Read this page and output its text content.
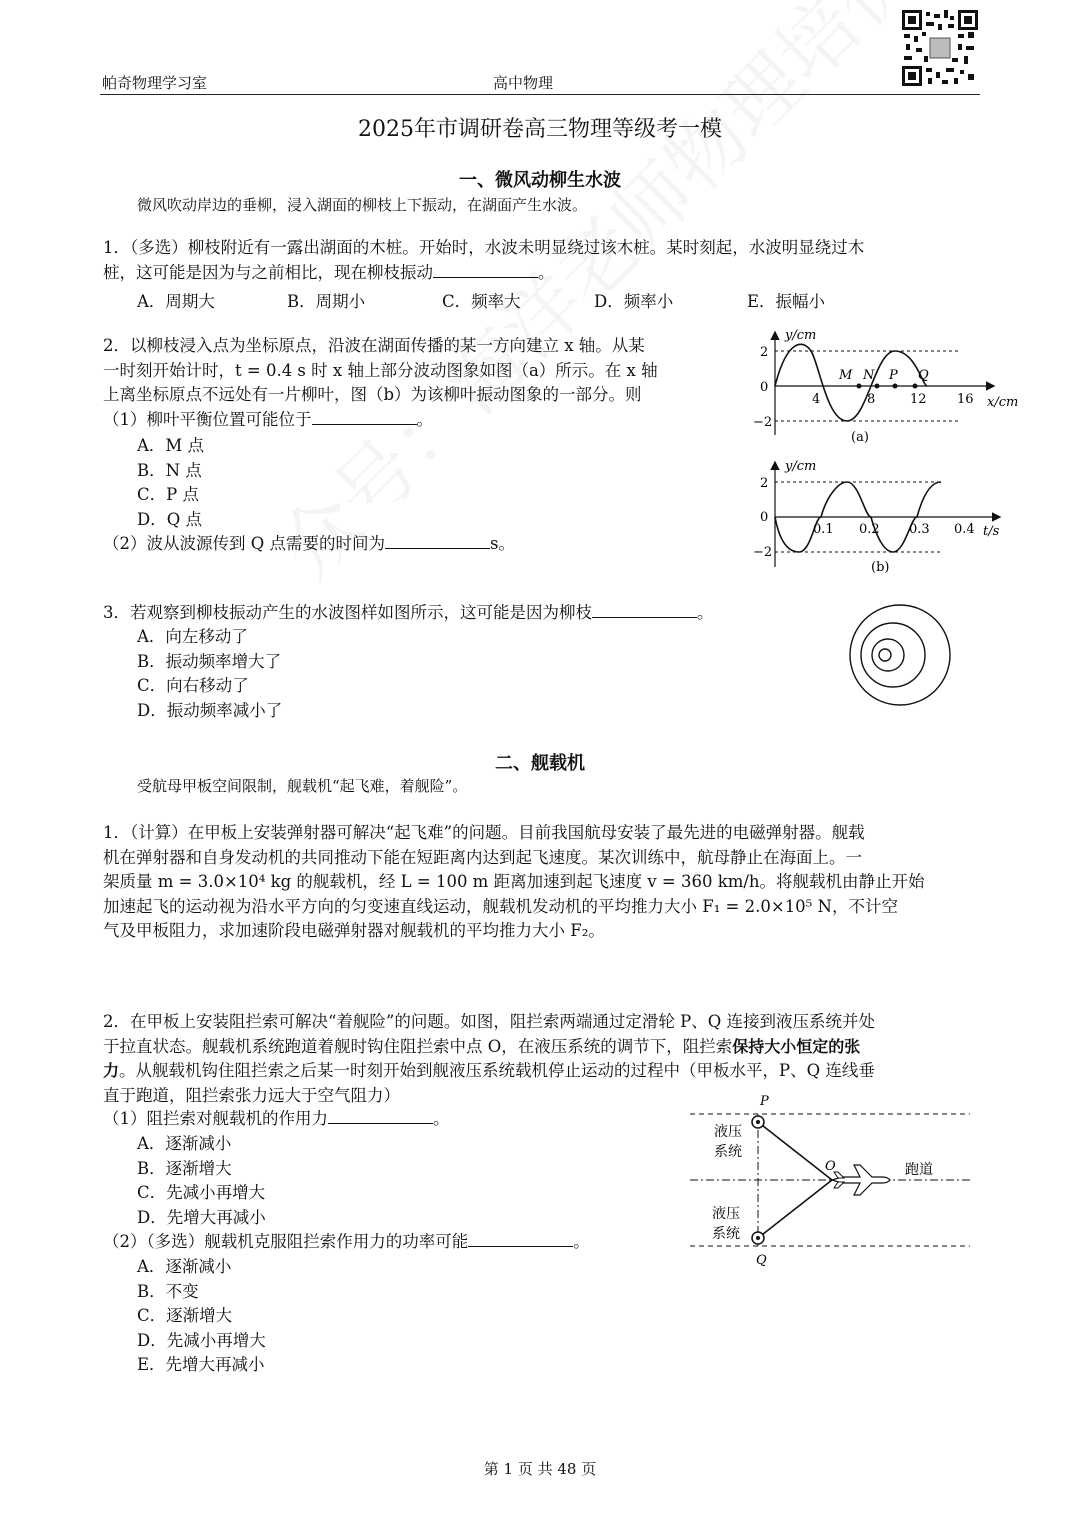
帕奇物理学习室	高中物理
2025年市调研卷高三物理等级考一模
一、微风动柳生水波
微风吹动岸边的垂柳，浸入湖面的柳枝上下振动，在湖面产生水波。
1．（多选）柳枝附近有一露出湖面的木桩。开始时，水波未明显绕过该木桩。某时刻起，水波明显绕过木
桩，这可能是因为与之前相比，现在柳枝振动	。
A．周期大	B．周期小	C．频率大	D．频率小	E．振幅小
2．以柳枝浸入点为坐标原点，沿波在湖面传播的某一方向建立 x 轴。从某
一时刻开始计时，t = 0.4 s 时 x 轴上部分波动图象如图（a）所示。在 x 轴
上离坐标原点不远处有一片柳叶，图（b）为该柳叶振动图象的一部分。则
（1）柳叶平衡位置可能位于	。
A．M 点
B．N 点
C．P 点
D．Q 点
（2）波从波源传到 Q 点需要的时间为	s。
y/cm
2
0
−2
4	8	12 16 x/cm
M N P Q
(a)
y/cm
2
0
−2
0.1 0.2 0.3 0.4 t/s
(b)
3．若观察到柳枝振动产生的水波图样如图所示，这可能是因为柳枝	。
A．向左移动了
B．振动频率增大了
C．向右移动了
D．振动频率减小了
二、舰载机
受航母甲板空间限制，舰载机“起飞难，着舰险”。
1．（计算）在甲板上安装弹射器可解决“起飞难”的问题。目前我国航母安装了最先进的电磁弹射器。舰载
机在弹射器和自身发动机的共同推动下能在短距离内达到起飞速度。某次训练中，航母静止在海面上。一
架质量 m = 3.0×10⁴ kg 的舰载机，经 L = 100 m 距离加速到起飞速度 v = 360 km/h。将舰载机由静止开始
加速起飞的运动视为沿水平方向的匀变速直线运动，舰载机发动机的平均推力大小 F₁ = 2.0×10⁵ N，不计空
气及甲板阻力，求加速阶段电磁弹射器对舰载机的平均推力大小 F₂。
2．在甲板上安装阻拦索可解决“着舰险”的问题。如图，阻拦索两端通过定滑轮 P、Q 连接到液压系统并处
于拉直状态。舰载机系统跑道着舰时钩住阻拦索中点 O，在液压系统的调节下，阻拦索保持大小恒定的张
力。从舰载机钩住阻拦索之后某一时刻开始到舰液压系统载机停止运动的过程中（甲板水平，P、Q 连线垂
直于跑道，阻拦索张力远大于空气阻力）
（1）阻拦索对舰载机的作用力	。
A．逐渐减小
B．逐渐增大
C．先减小再增大
D．先增大再减小
（2）（多选）舰载机克服阻拦索作用力的功率可能	。
A．逐渐减小
B．不变
C．逐渐增大
D．先减小再增大
E．先增大再减小
P
Q
O
液压
系统
液压
系统
跑道
第 1 页 共 48 页
